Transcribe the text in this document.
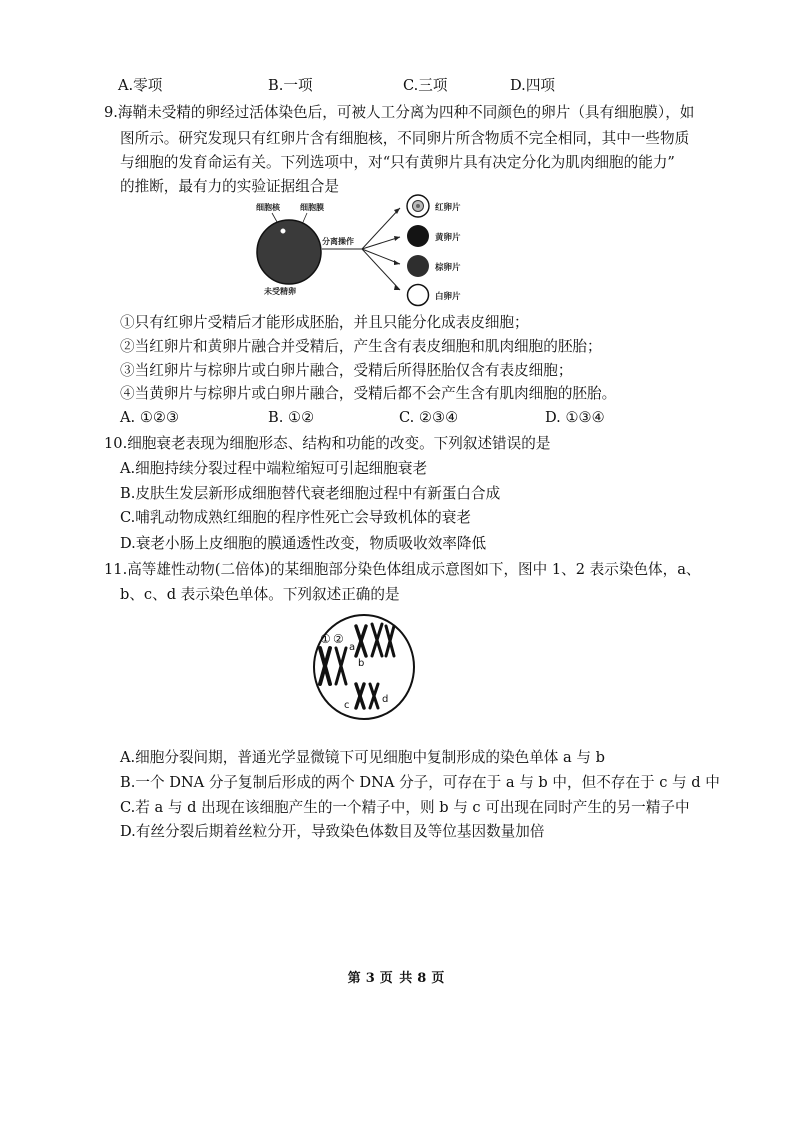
A.零项	B.一项	C.三项	D.四项
9.海鞘未受精的卵经过活体染色后，可被人工分离为四种不同颜色的卵片（具有细胞膜），如
图所示。研究发现只有红卵片含有细胞核，不同卵片所含物质不完全相同，其中一些物质
与细胞的发育命运有关。下列选项中，对“只有黄卵片具有决定分化为肌肉细胞的能力”
的推断，最有力的实验证据组合是
细胞核	细胞膜
未受精卵
分离操作
红卵片
黄卵片
棕卵片
白卵片
①只有红卵片受精后才能形成胚胎，并且只能分化成表皮细胞；
②当红卵片和黄卵片融合并受精后，产生含有表皮细胞和肌肉细胞的胚胎；
③当红卵片与棕卵片或白卵片融合，受精后所得胚胎仅含有表皮细胞；
④当黄卵片与棕卵片或白卵片融合，受精后都不会产生含有肌肉细胞的胚胎。
A. ①②③	B. ①②	C. ②③④	D. ①③④
10.细胞衰老表现为细胞形态、结构和功能的改变。下列叙述错误的是
A.细胞持续分裂过程中端粒缩短可引起细胞衰老
B.皮肤生发层新形成细胞替代衰老细胞过程中有新蛋白合成
C.哺乳动物成熟红细胞的程序性死亡会导致机体的衰老
D.衰老小肠上皮细胞的膜通透性改变，物质吸收效率降低
11.高等雄性动物(二倍体)的某细胞部分染色体组成示意图如下，图中 1、2 表示染色体，a、
b、c、d 表示染色单体。下列叙述正确的是
① ②
a
b
c
d
A.细胞分裂间期，普通光学显微镜下可见细胞中复制形成的染色单体 a 与 b
B.一个 DNA 分子复制后形成的两个 DNA 分子，可存在于 a 与 b 中，但不存在于 c 与 d 中
C.若 a 与 d 出现在该细胞产生的一个精子中，则 b 与 c 可出现在同时产生的另一精子中
D.有丝分裂后期着丝粒分开，导致染色体数目及等位基因数量加倍
第 3 页 共 8 页
